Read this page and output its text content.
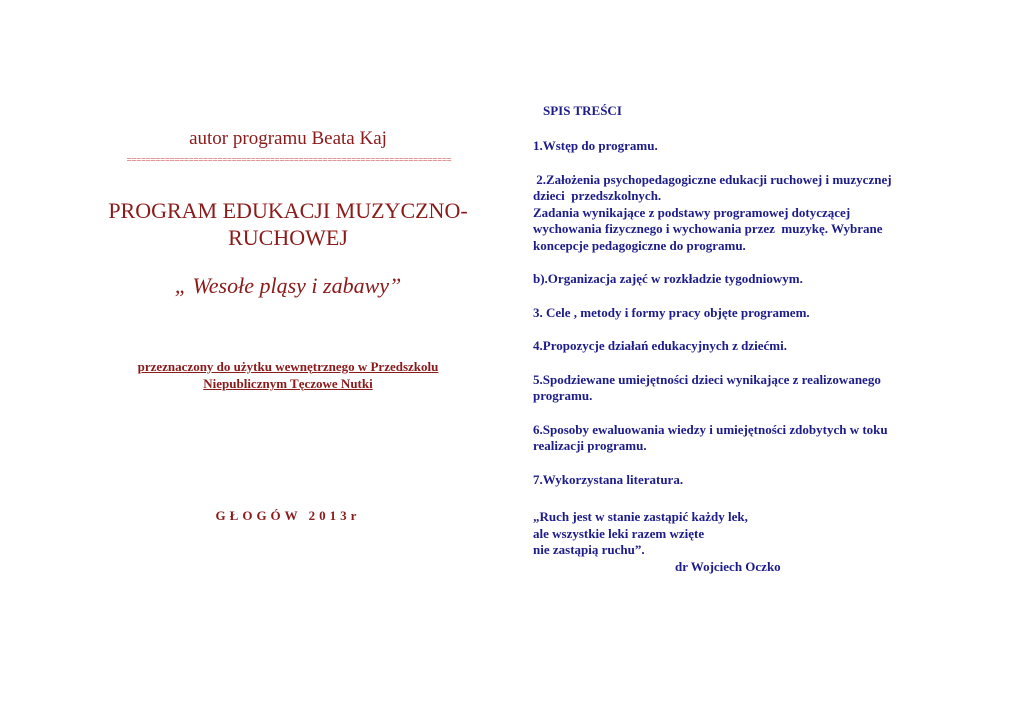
autor programu Beata Kaj
====================================================================
PROGRAM EDUKACJI MUZYCZNO-
RUCHOWEJ
„ Wesołe pląsy i zabawy”
przeznaczony do użytku wewnętrznego w Przedszkolu
Niepublicznym Tęczowe Nutki
GŁOGÓW 2013r
SPIS TREŚCI
1.Wstęp do programu.
2.Założenia psychopedagogiczne edukacji ruchowej i muzycznej
dzieci  przedszkolnych.
Zadania wynikające z podstawy programowej dotyczącej
wychowania fizycznego i wychowania przez  muzykę. Wybrane
koncepcje pedagogiczne do programu.
b).Organizacja zajęć w rozkładzie tygodniowym.
3. Cele , metody i formy pracy objęte programem.
4.Propozycje działań edukacyjnych z dziećmi.
5.Spodziewane umiejętności dzieci wynikające z realizowanego
programu.
6.Sposoby ewaluowania wiedzy i umiejętności zdobytych w toku
realizacji programu.
7.Wykorzystana literatura.
„Ruch jest w stanie zastąpić każdy lek,
ale wszystkie leki razem wzięte
nie zastąpią ruchu”.
dr Wojciech Oczko
